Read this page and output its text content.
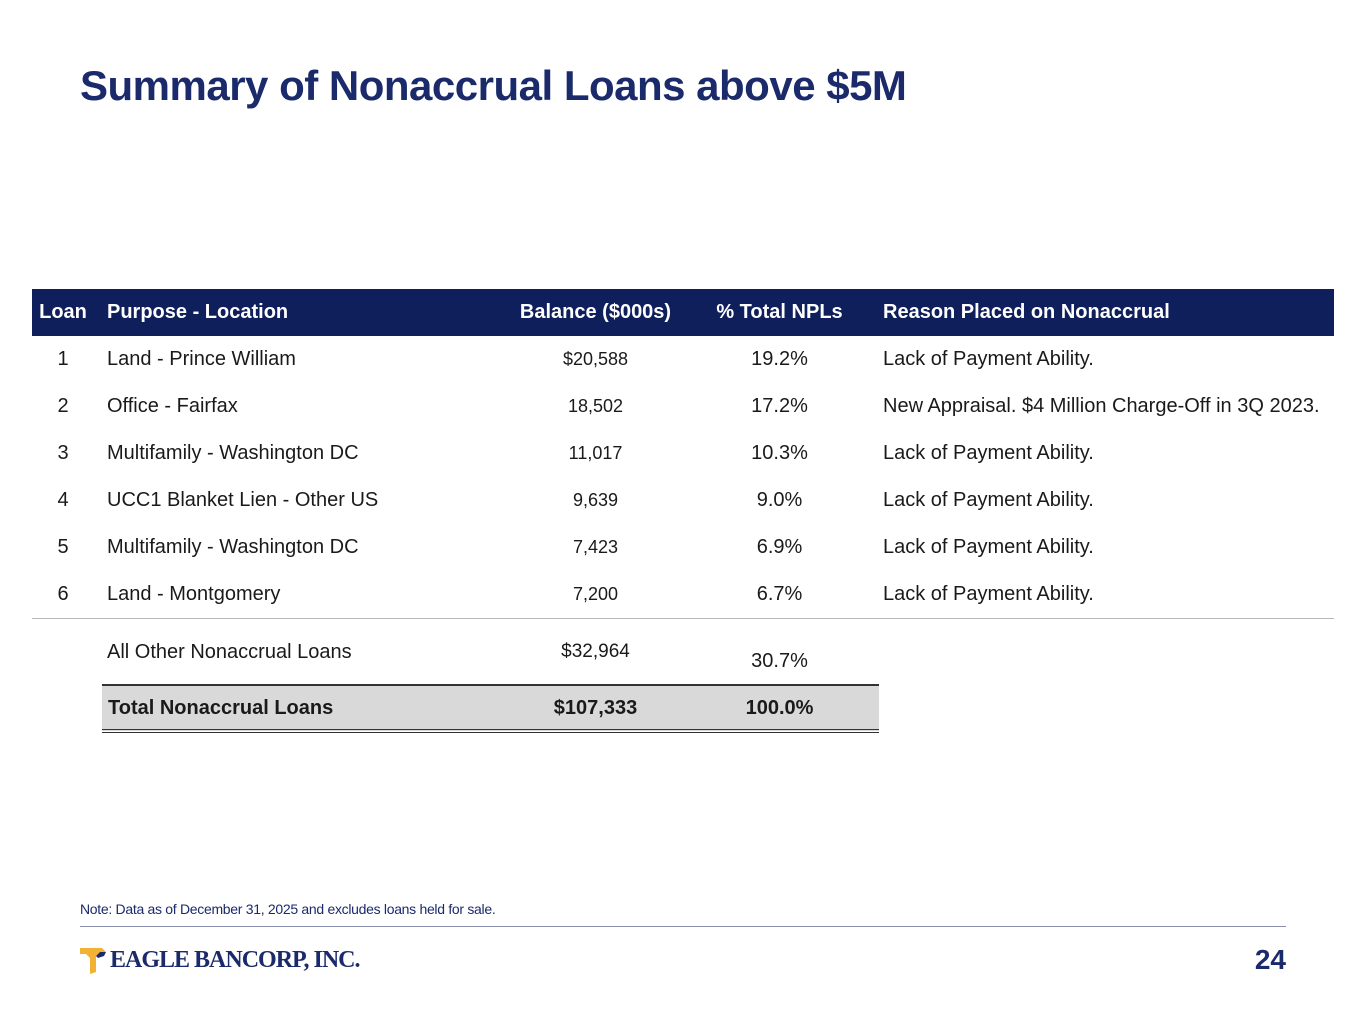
Summary of Nonaccrual Loans above $5M
Loan	Purpose - Location	Balance ($000s)	% Total NPLs	Reason Placed on Nonaccrual
1	Land - Prince William	$20,588	19.2%	Lack of Payment Ability.
2	Office - Fairfax	18,502	17.2%	New Appraisal. $4 Million Charge-Off in 3Q 2023.
3	Multifamily - Washington DC	11,017	10.3%	Lack of Payment Ability.
4	UCC1 Blanket Lien - Other US	9,639	9.0%	Lack of Payment Ability.
5	Multifamily - Washington DC	7,423	6.9%	Lack of Payment Ability.
6	Land - Montgomery	7,200	6.7%	Lack of Payment Ability.
All Other Nonaccrual Loans	$32,964	30.7%
Total Nonaccrual Loans	$107,333	100.0%
Note: Data as of December 31, 2025 and excludes loans held for sale.
EAGLE BANCORP, INC.	24
